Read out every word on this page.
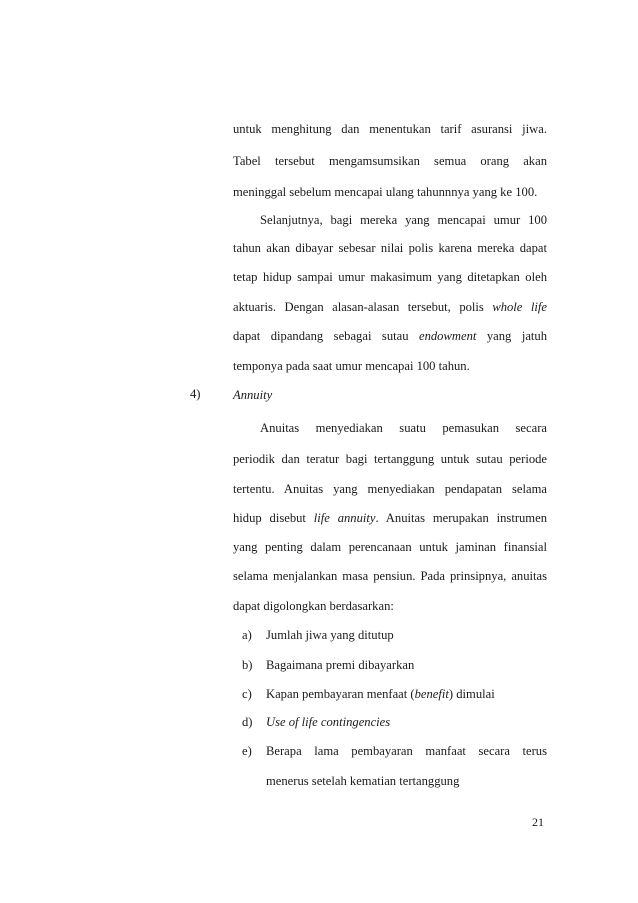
untuk menghitung dan menentukan tarif asuransi jiwa.
Tabel tersebut mengamsumsikan semua orang akan
meninggal sebelum mencapai ulang tahunnnya yang ke 100.
Selanjutnya, bagi mereka yang mencapai umur 100
tahun akan dibayar sebesar nilai polis karena mereka dapat
tetap hidup sampai umur makasimum yang ditetapkan oleh
aktuaris. Dengan alasan-alasan tersebut, polis whole life
dapat dipandang sebagai sutau endowment yang jatuh
temponya pada saat umur mencapai 100 tahun.
4)	Annuity
Anuitas menyediakan suatu pemasukan secara
periodik dan teratur bagi tertanggung untuk sutau periode
tertentu. Anuitas yang menyediakan pendapatan selama
hidup disebut life annuity. Anuitas merupakan instrumen
yang penting dalam perencanaan untuk jaminan finansial
selama menjalankan masa pensiun. Pada prinsipnya, anuitas
dapat digolongkan berdasarkan:
a) Jumlah jiwa yang ditutup
b) Bagaimana premi dibayarkan
c) Kapan pembayaran menfaat (benefit) dimulai
d) Use of life contingencies
e) Berapa lama pembayaran manfaat secara terus
menerus setelah kematian tertanggung
21
